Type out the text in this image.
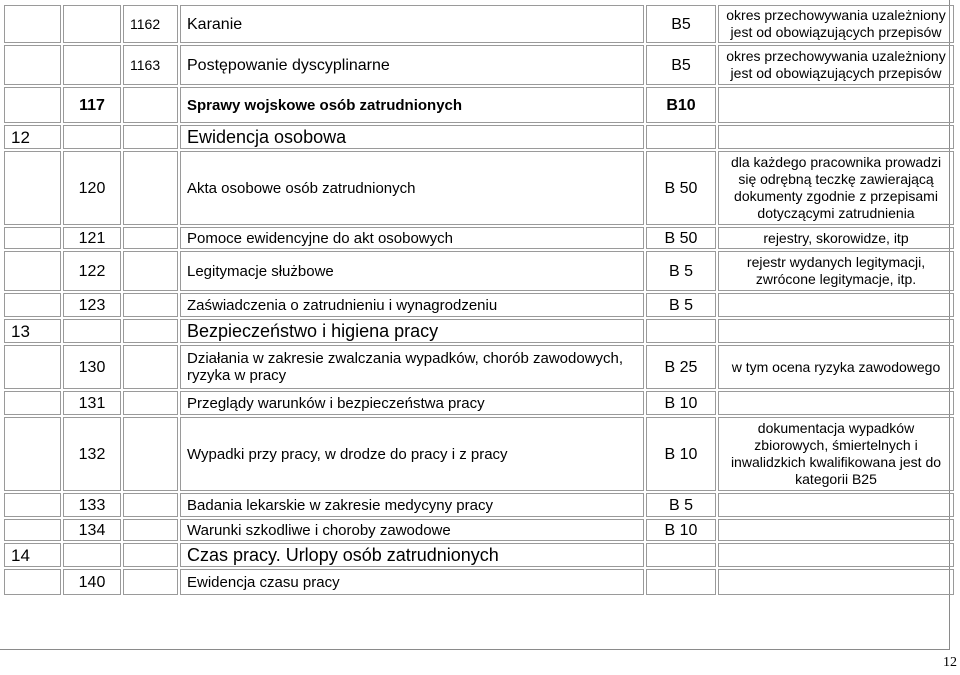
		1162	Karanie	B5	okres przechowywania uzależniony jest od obowiązujących przepisów
		1163	Postępowanie dyscyplinarne	B5	okres przechowywania uzależniony jest od obowiązujących przepisów
	117		Sprawy wojskowe osób zatrudnionych	B10	
12			Ewidencja osobowa		
	120		Akta osobowe osób zatrudnionych	B 50	dla każdego pracownika prowadzi się odrębną teczkę zawierającą dokumenty zgodnie z przepisami dotyczącymi zatrudnienia
	121		Pomoce ewidencyjne do akt osobowych	B 50	rejestry, skorowidze, itp
	122		Legitymacje służbowe	B 5	rejestr wydanych legitymacji, zwrócone legitymacje, itp.
	123		Zaświadczenia o zatrudnieniu i wynagrodzeniu	B 5	
13			Bezpieczeństwo i higiena pracy		
	130		Działania w zakresie zwalczania wypadków, chorób zawodowych, ryzyka w pracy	B 25	w tym ocena ryzyka zawodowego
	131		Przeglądy warunków i bezpieczeństwa pracy	B 10	
	132		Wypadki przy pracy, w drodze do pracy i z pracy	B 10	dokumentacja wypadków zbiorowych, śmiertelnych i inwalidzkich kwalifikowana jest do kategorii B25
	133		Badania lekarskie w zakresie medycyny pracy	B 5	
	134		Warunki szkodliwe i choroby zawodowe	B 10	
14			Czas pracy. Urlopy osób zatrudnionych		
	140		Ewidencja czasu pracy		
12
